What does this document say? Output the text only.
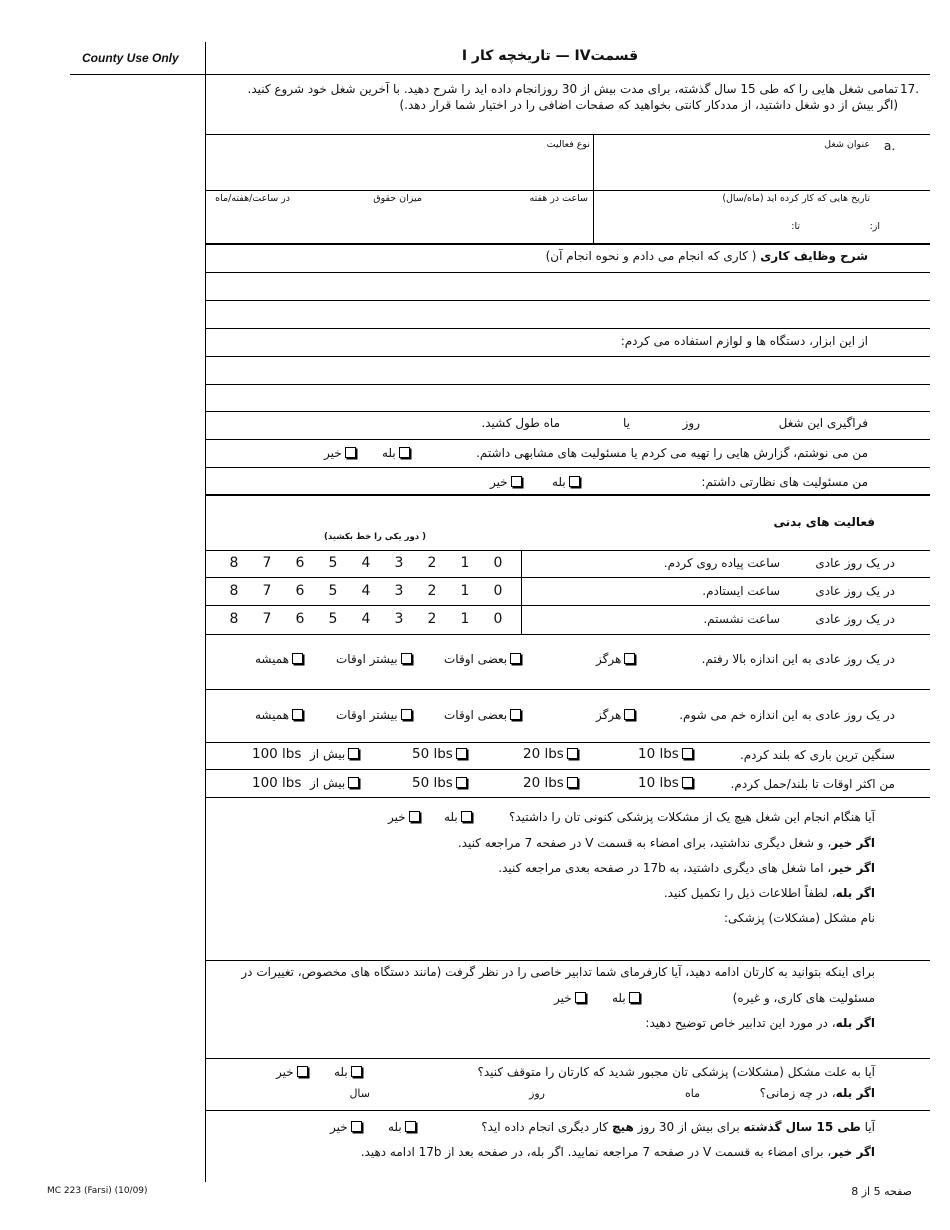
County Use Only	قسمتIV — تاریخچه کار I
17.
تمامی شغل هایی را که طی 15 سال گذشته، برای مدت بیش از 30 روزانجام داده اید را شرح دهید. با آخرین شغل خود شروع کنید.
(اگر بیش از دو شغل داشتید، از مددکار کانتی بخواهید که صفحات اضافی را در اختیار شما قرار دهد.)
a.
عنوان شغل
نوع فعالیت
تاریخ هایی که کار کرده اید (ماه/سال)
از:
تا:
ساعت در هفته
میزان حقوق
در ساعت/هفته/ماه
شرح وظایف کاری ( کاری که انجام می دادم و نحوه انجام آن)
از این ابزار، دستگاه ها و لوازم استفاده می کردم:
فراگیری این شغل
روز
یا
ماه طول کشید.
من می نوشتم، گزارش هایی را تهیه می کردم یا مسئولیت های مشابهی داشتم.
بله
خیر
من مسئولیت های نظارتی داشتم:
بله
خیر
فعالیت های بدنی
( دور یکی را خط بکشید)
در یک روز عادی
ساعت پیاده روی کردم.
0
1
2
3
4
5
6
7
8
در یک روز عادی
ساعت ایستادم.
0
1
2
3
4
5
6
7
8
در یک روز عادی
ساعت نشستم.
0
1
2
3
4
5
6
7
8
در یک روز عادی به این اندازه بالا رفتم.
هرگز
بعضی اوقات
بیشتر اوقات
همیشه
در یک روز عادی به این اندازه خم می شوم.
هرگز
بعضی اوقات
بیشتر اوقات
همیشه
سنگین ترین باری که بلند کردم.
10 lbs
20 lbs
50 lbs
100 lbs بیش از
من اکثر اوقات تا بلند/حمل کردم.
10 lbs
20 lbs
50 lbs
100 lbs بیش از
آیا هنگام انجام این شغل هیچ یک از مشکلات پزشکی کنونی تان را داشتید؟
بله
خیر
اگر خیر، و شغل دیگری نداشتید، برای امضاء به قسمت V در صفحه 7 مراجعه کنید.
اگر خیر، اما شغل های دیگری داشتید، به 17b در صفحه بعدی مراجعه کنید.
اگر بله، لطفاً اطلاعات ذیل را تکمیل کنید.
نام مشکل (مشکلات) پزشکی:
برای اینکه بتوانید به کارتان ادامه دهید، آیا کارفرمای شما تدابیر خاصی را در نظر گرفت (مانند دستگاه های مخصوص، تغییرات در
مسئولیت های کاری، و غیره)
بله
خیر
اگر بله، در مورد این تدابیر خاص توضیح دهید:
آیا به علت مشکل (مشکلات) پزشکی تان مجبور شدید که کارتان را متوقف کنید؟
بله
خیر
اگر بله، در چه زمانی؟
ماه
روز
سال
آیا طی 15 سال گذشته برای بیش از 30 روز هیچ کار دیگری انجام داده اید؟
بله
خیر
اگر خیر، برای امضاء به قسمت V در صفحه 7 مراجعه نمایید. اگر بله، در صفحه بعد از 17b ادامه دهید.
MC 223 (Farsi) (10/09)	صفحه 5 از 8
